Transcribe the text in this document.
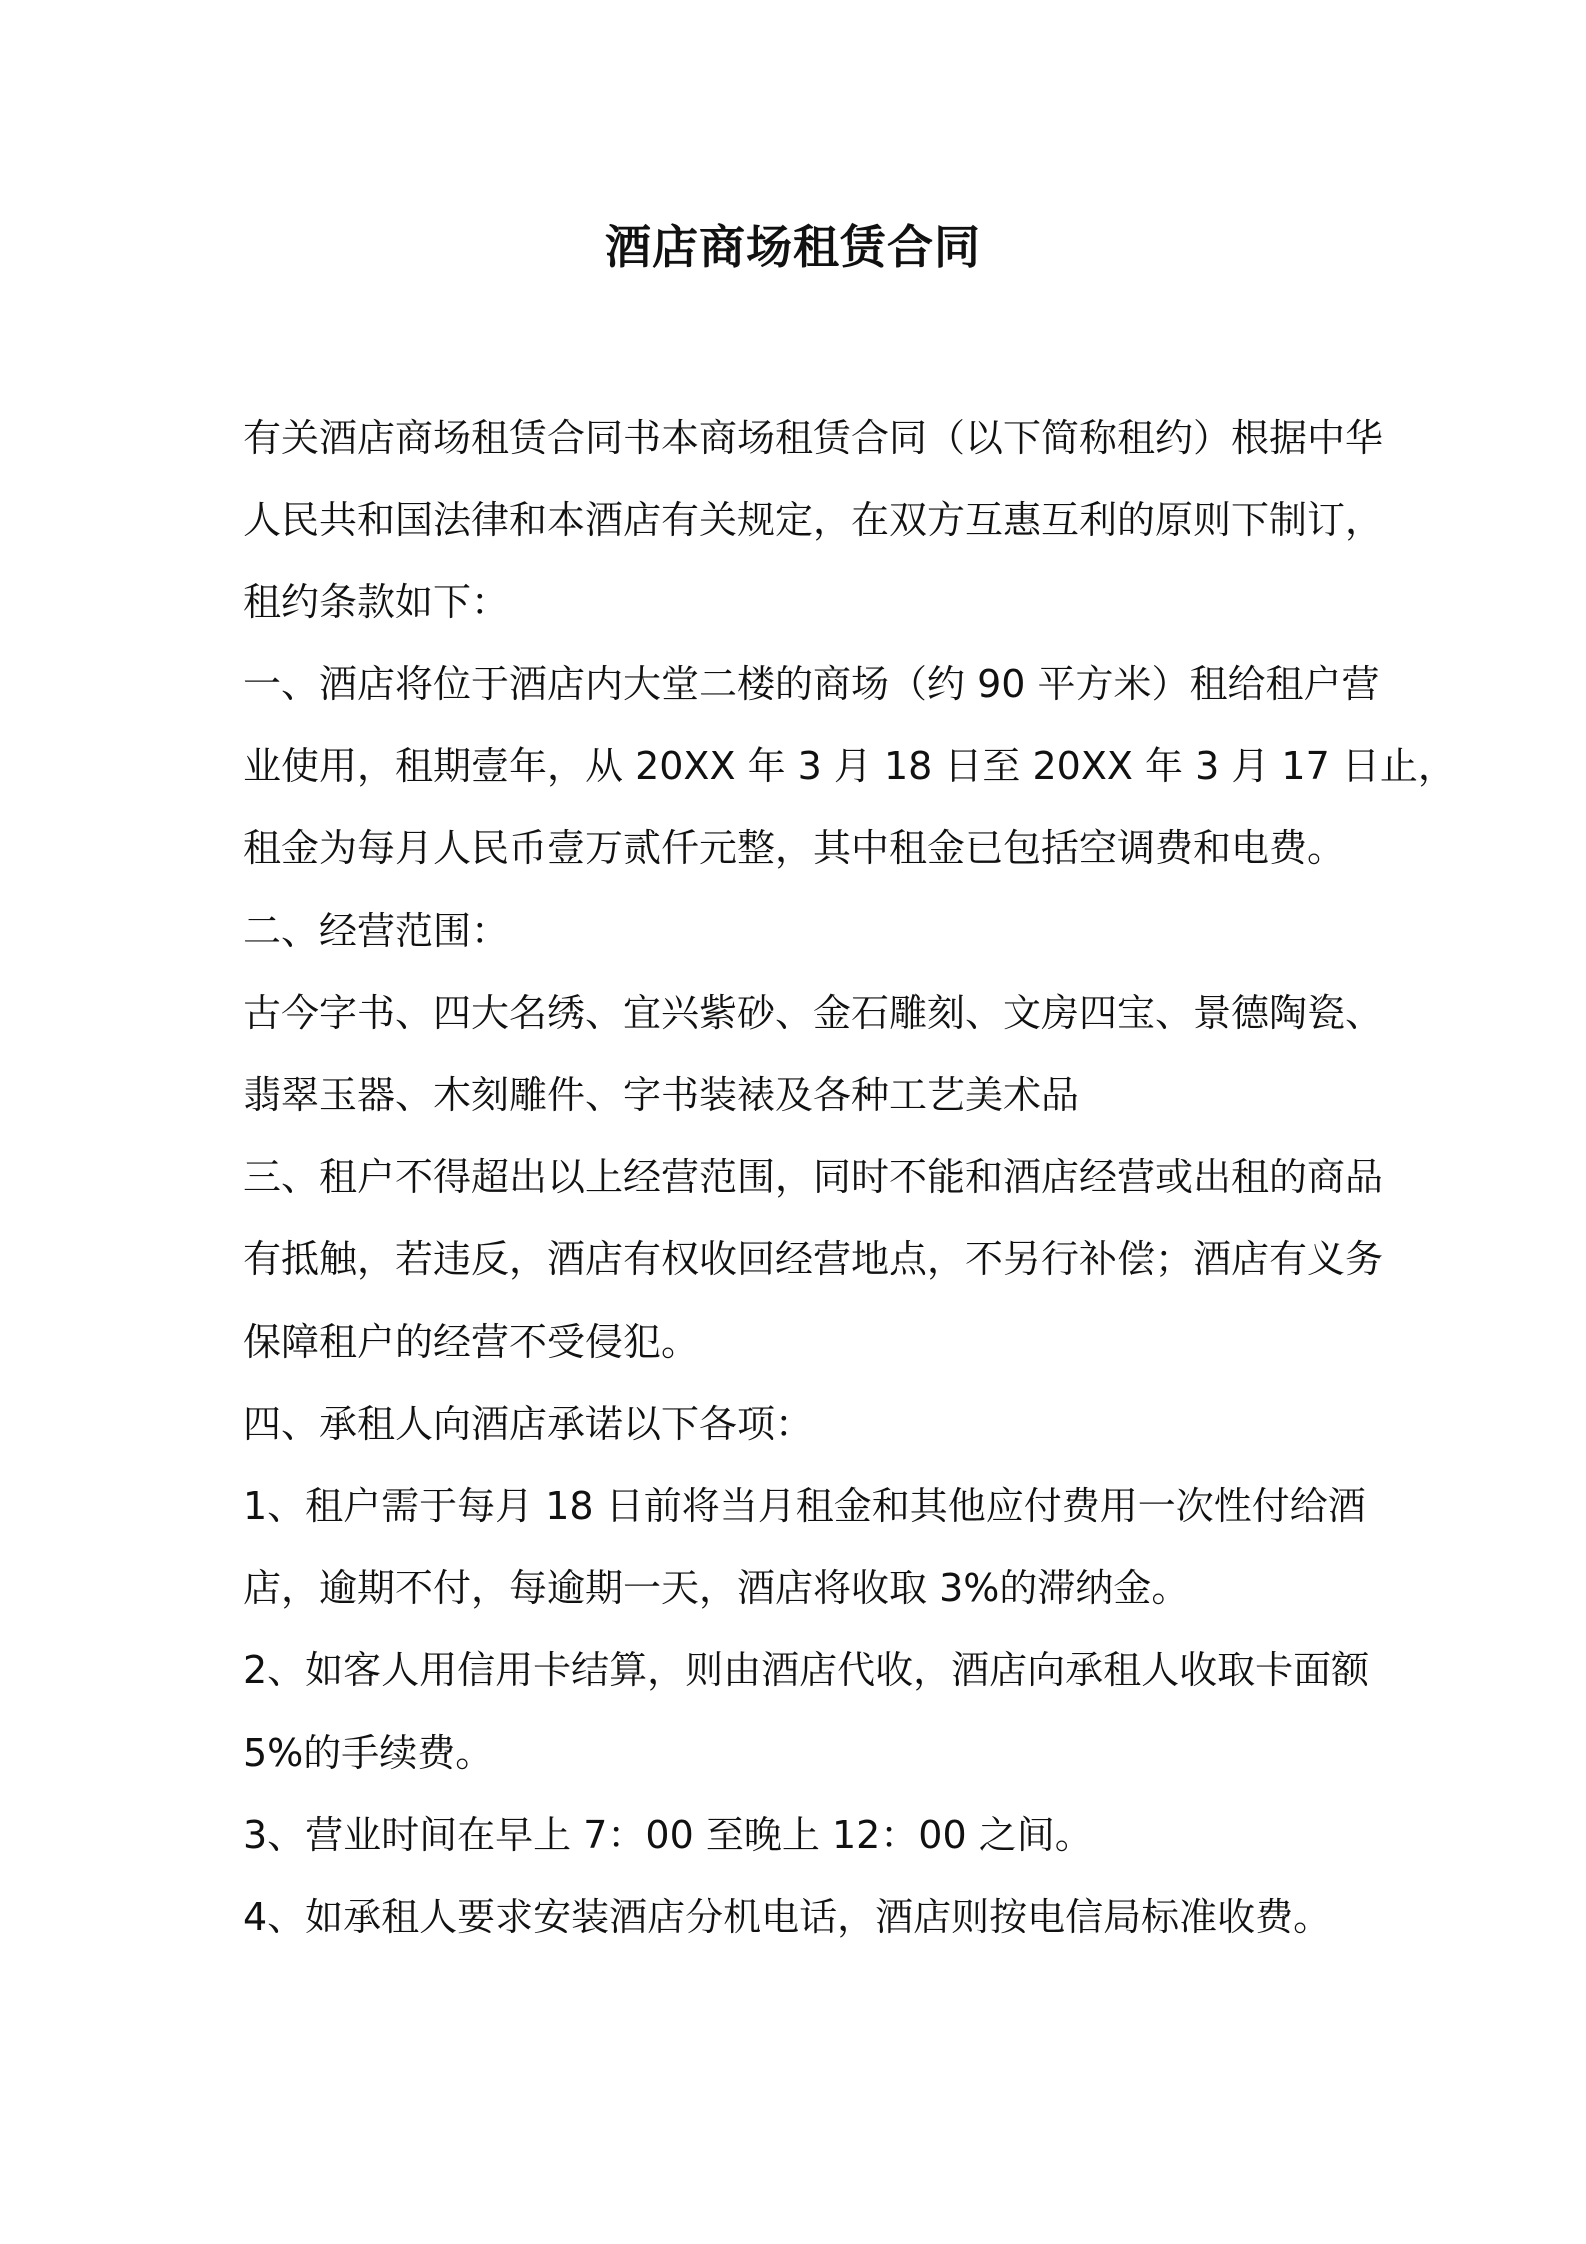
酒店商场租赁合同

有关酒店商场租赁合同书本商场租赁合同（以下简称租约）根据中华

人民共和国法律和本酒店有关规定，在双方互惠互利的原则下制订，

租约条款如下：

一、酒店将位于酒店内大堂二楼的商场（约 90 平方米）租给租户营

业使用，租期壹年，从 20XX 年 3 月 18 日至 20XX 年 3 月 17 日止，

租金为每月人民币壹万贰仟元整，其中租金已包括空调费和电费。

二、经营范围：

古今字书、四大名绣、宜兴紫砂、金石雕刻、文房四宝、景德陶瓷、

翡翠玉器、木刻雕件、字书装裱及各种工艺美术品

三、租户不得超出以上经营范围，同时不能和酒店经营或出租的商品

有抵触，若违反，酒店有权收回经营地点，不另行补偿；酒店有义务

保障租户的经营不受侵犯。

四、承租人向酒店承诺以下各项：

1、租户需于每月 18 日前将当月租金和其他应付费用一次性付给酒

店，逾期不付，每逾期一天，酒店将收取 3%的滞纳金。

2、如客人用信用卡结算，则由酒店代收，酒店向承租人收取卡面额

5%的手续费。

3、营业时间在早上 7：00 至晚上 12：00 之间。

4、如承租人要求安装酒店分机电话，酒店则按电信局标准收费。
